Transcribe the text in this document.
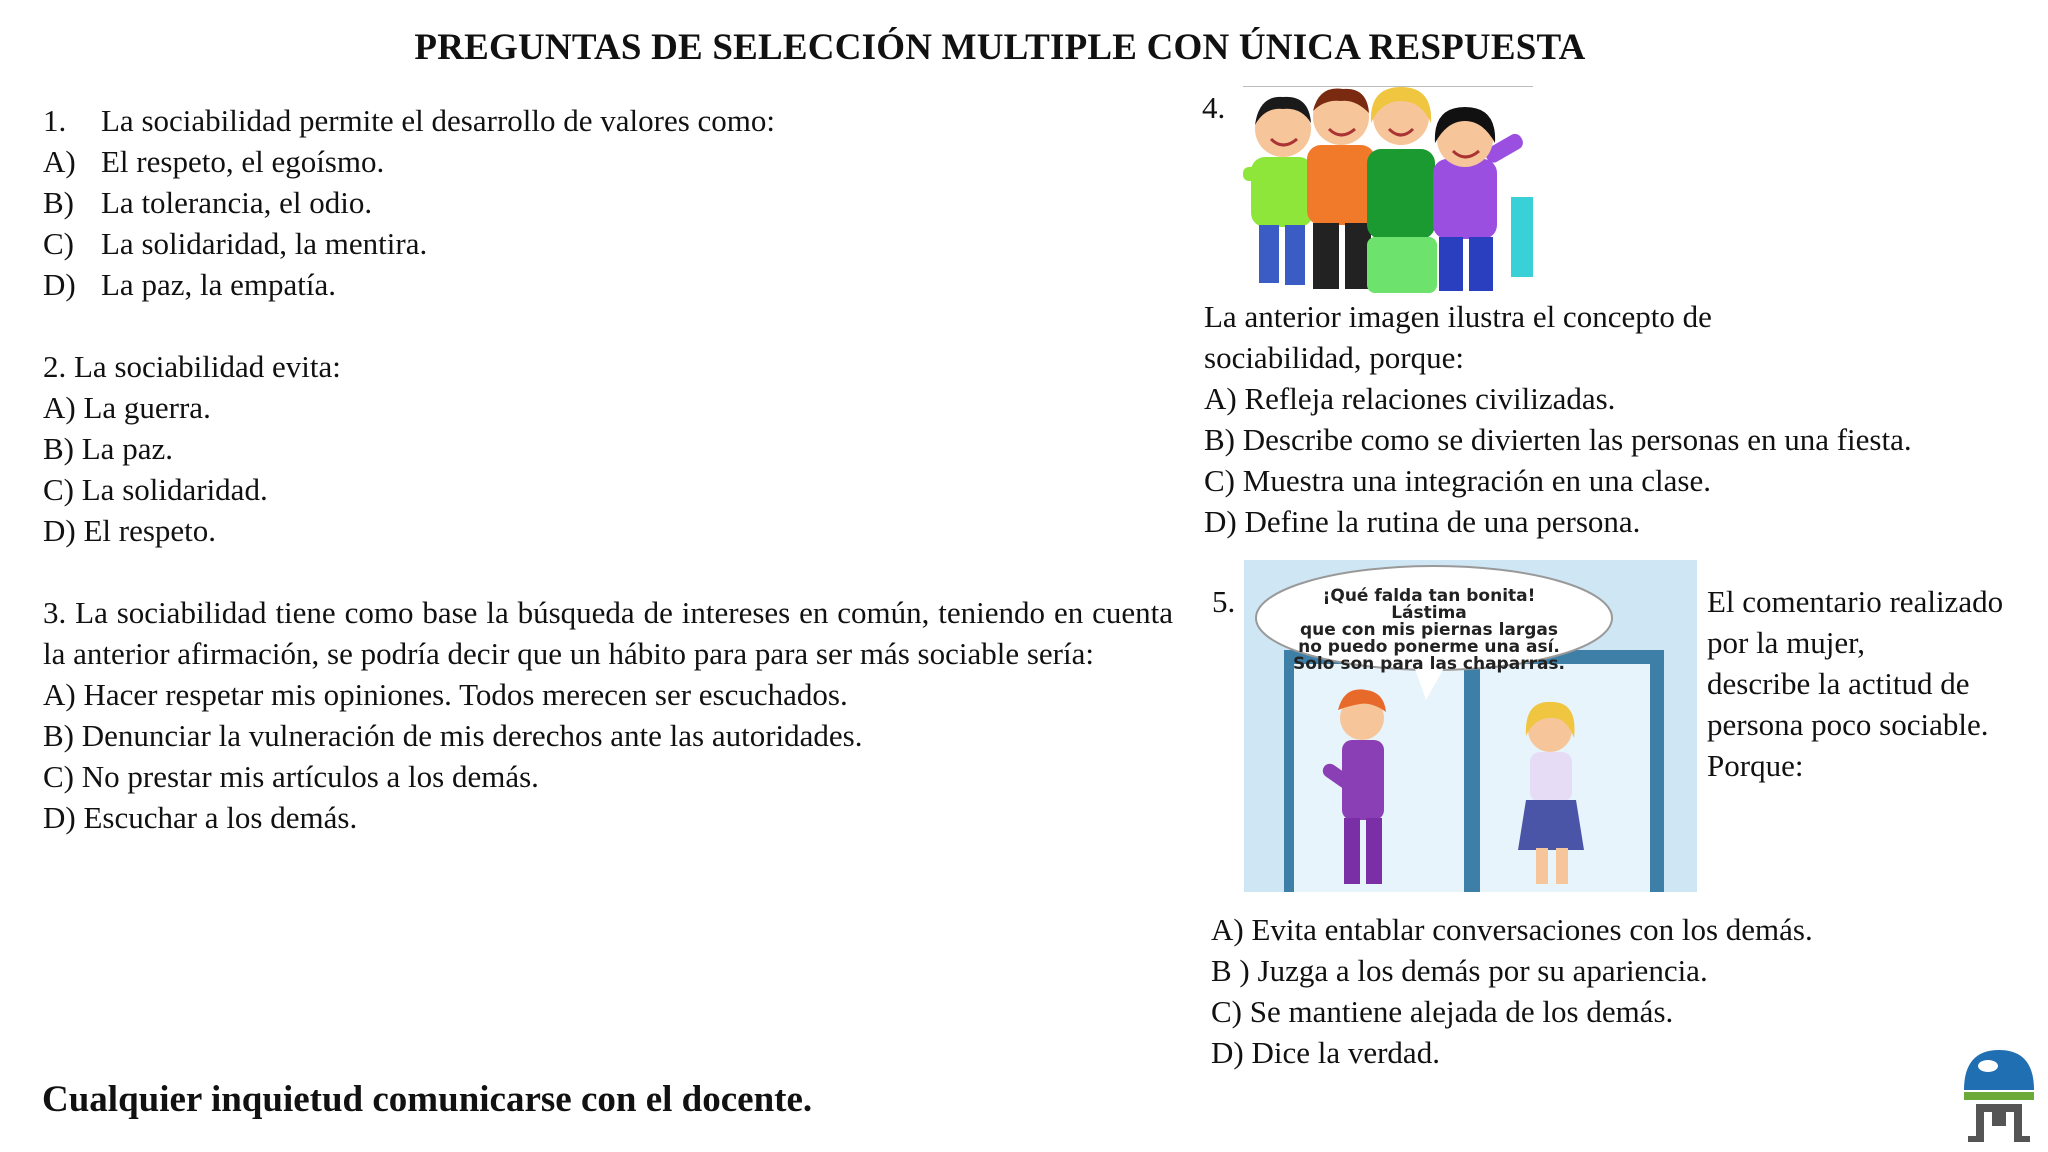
PREGUNTAS DE SELECCIÓN MULTIPLE CON ÚNICA RESPUESTA
1.	La sociabilidad permite el desarrollo de valores como:
A) El respeto, el egoísmo.
B) La tolerancia, el odio.
C) La solidaridad, la mentira.
D) La paz, la empatía.
2. La sociabilidad evita:
A) La guerra.
B) La paz.
C) La solidaridad.
D) El respeto.
3. La sociabilidad tiene como base la búsqueda de intereses en común, teniendo en cuenta la anterior afirmación, se podría decir que un hábito para para ser más sociable sería:
A) Hacer respetar mis opiniones. Todos merecen ser escuchados.
B) Denunciar la vulneración de mis derechos ante las autoridades.
C) No prestar mis artículos a los demás.
D) Escuchar a los demás.
4.
La anterior imagen ilustra el concepto de
sociabilidad, porque:
A) Refleja relaciones civilizadas.
B) Describe como se divierten las personas en una fiesta.
C) Muestra una integración en una clase.
D) Define la rutina de una persona.
5.	¡Qué falda tan bonita! Lástima
que con mis piernas largas
no puedo ponerme una así.
Solo son para las chaparras.
El comentario realizado
por la mujer,
describe la actitud de
persona poco sociable.
Porque:
A) Evita entablar conversaciones con los demás.
B ) Juzga a los demás por su apariencia.
C) Se mantiene alejada de los demás.
D) Dice la verdad.
Cualquier inquietud comunicarse con el docente.
